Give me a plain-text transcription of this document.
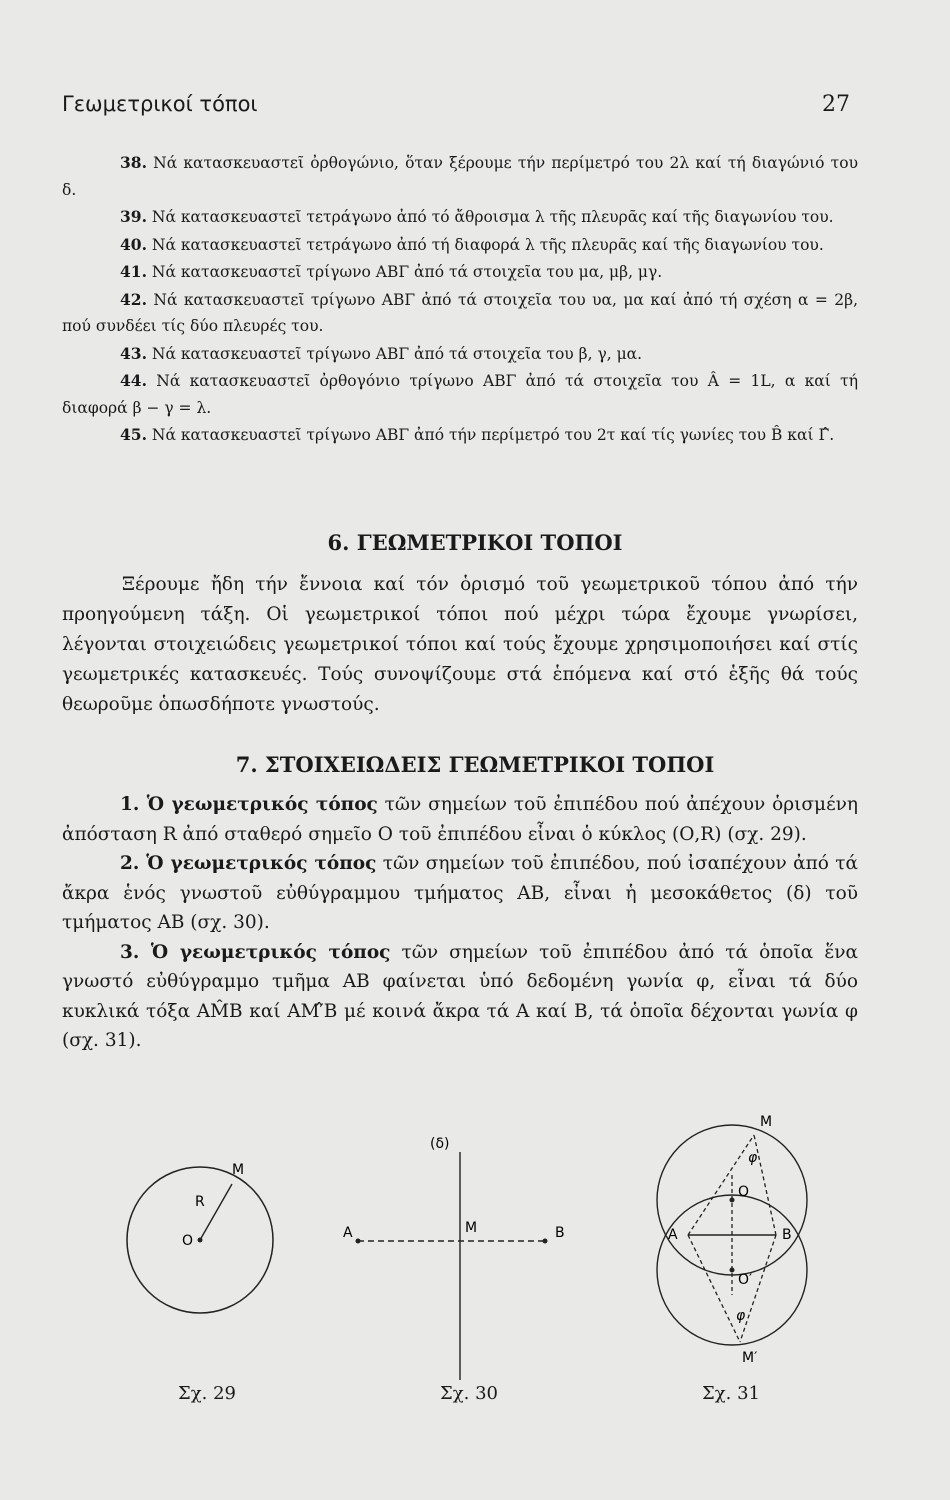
Γεωμετρικοί τόποι	27

38. Νά κατασκευαστεῖ ὀρθογώνιο, ὅταν ξέρουμε τήν περίμετρό του 2λ καί τή διαγώνιό του δ.

39. Νά κατασκευαστεῖ τετράγωνο ἀπό τό ἄθροισμα λ τῆς πλευρᾶς καί τῆς διαγωνίου του.

40. Νά κατασκευαστεῖ τετράγωνο ἀπό τή διαφορά λ τῆς πλευρᾶς καί τῆς διαγωνίου του.

41. Νά κατασκευαστεῖ τρίγωνο ΑΒΓ ἀπό τά στοιχεῖα του μα, μβ, μγ.

42. Νά κατασκευαστεῖ τρίγωνο ΑΒΓ ἀπό τά στοιχεῖα του υα, μα καί ἀπό τή σχέση α = 2β, πού συνδέει τίς δύο πλευρές του.

43. Νά κατασκευαστεῖ τρίγωνο ΑΒΓ ἀπό τά στοιχεῖα του β, γ, μα.

44. Νά κατασκευαστεῖ ὀρθογόνιο τρίγωνο ΑΒΓ ἀπό τά στοιχεῖα του Â = 1L, α καί τή διαφορά β − γ = λ.

45. Νά κατασκευαστεῖ τρίγωνο ΑΒΓ ἀπό τήν περίμετρό του 2τ καί τίς γωνίες του B̂ καί Γ̂.

6. ΓΕΩΜΕΤΡΙΚΟΙ ΤΟΠΟΙ

Ξέρουμε ἤδη τήν ἔννοια καί τόν ὁρισμό τοῦ γεωμετρικοῦ τόπου ἀπό τήν προηγούμενη τάξη. Οἱ γεωμετρικοί τόποι πού μέχρι τώρα ἔχουμε γνωρίσει, λέγονται στοιχειώδεις γεωμετρικοί τόποι καί τούς ἔχουμε χρησιμοποιήσει καί στίς γεωμετρικές κατασκευές. Τούς συνοψίζουμε στά ἑπόμενα καί στό ἑξῆς θά τούς θεωροῦμε ὁπωσδήποτε γνωστούς.

7. ΣΤΟΙΧΕΙΩΔΕΙΣ ΓΕΩΜΕΤΡΙΚΟΙ ΤΟΠΟΙ

1. Ὁ γεωμετρικός τόπος τῶν σημείων τοῦ ἐπιπέδου πού ἀπέχουν ὁρισμένη ἀπόσταση R ἀπό σταθερό σημεῖο Ο τοῦ ἐπιπέδου εἶναι ὁ κύκλος (Ο,R) (σχ. 29).

2. Ὁ γεωμετρικός τόπος τῶν σημείων τοῦ ἐπιπέδου, πού ἰσαπέχουν ἀπό τά ἄκρα ἑνός γνωστοῦ εὐθύγραμμου τμήματος ΑΒ, εἶναι ἡ μεσοκάθετος (δ) τοῦ τμήματος ΑΒ (σχ. 30).

3. Ὁ γεωμετρικός τόπος τῶν σημείων τοῦ ἐπιπέδου ἀπό τά ὁποῖα ἕνα γνωστό εὐθύγραμμο τμῆμα ΑΒ φαίνεται ὑπό δεδομένη γωνία φ, εἶναι τά δύο κυκλικά τόξα ΑM̂Β καί ΑM′̂Β μέ κοινά ἄκρα τά Α καί Β, τά ὁποῖα δέχονται γωνία φ (σχ. 31).

O
R
M
(δ)
A	B
M
M
M′
O
O′
A	B
φ
φ
Σχ. 29	Σχ. 30	Σχ. 31
